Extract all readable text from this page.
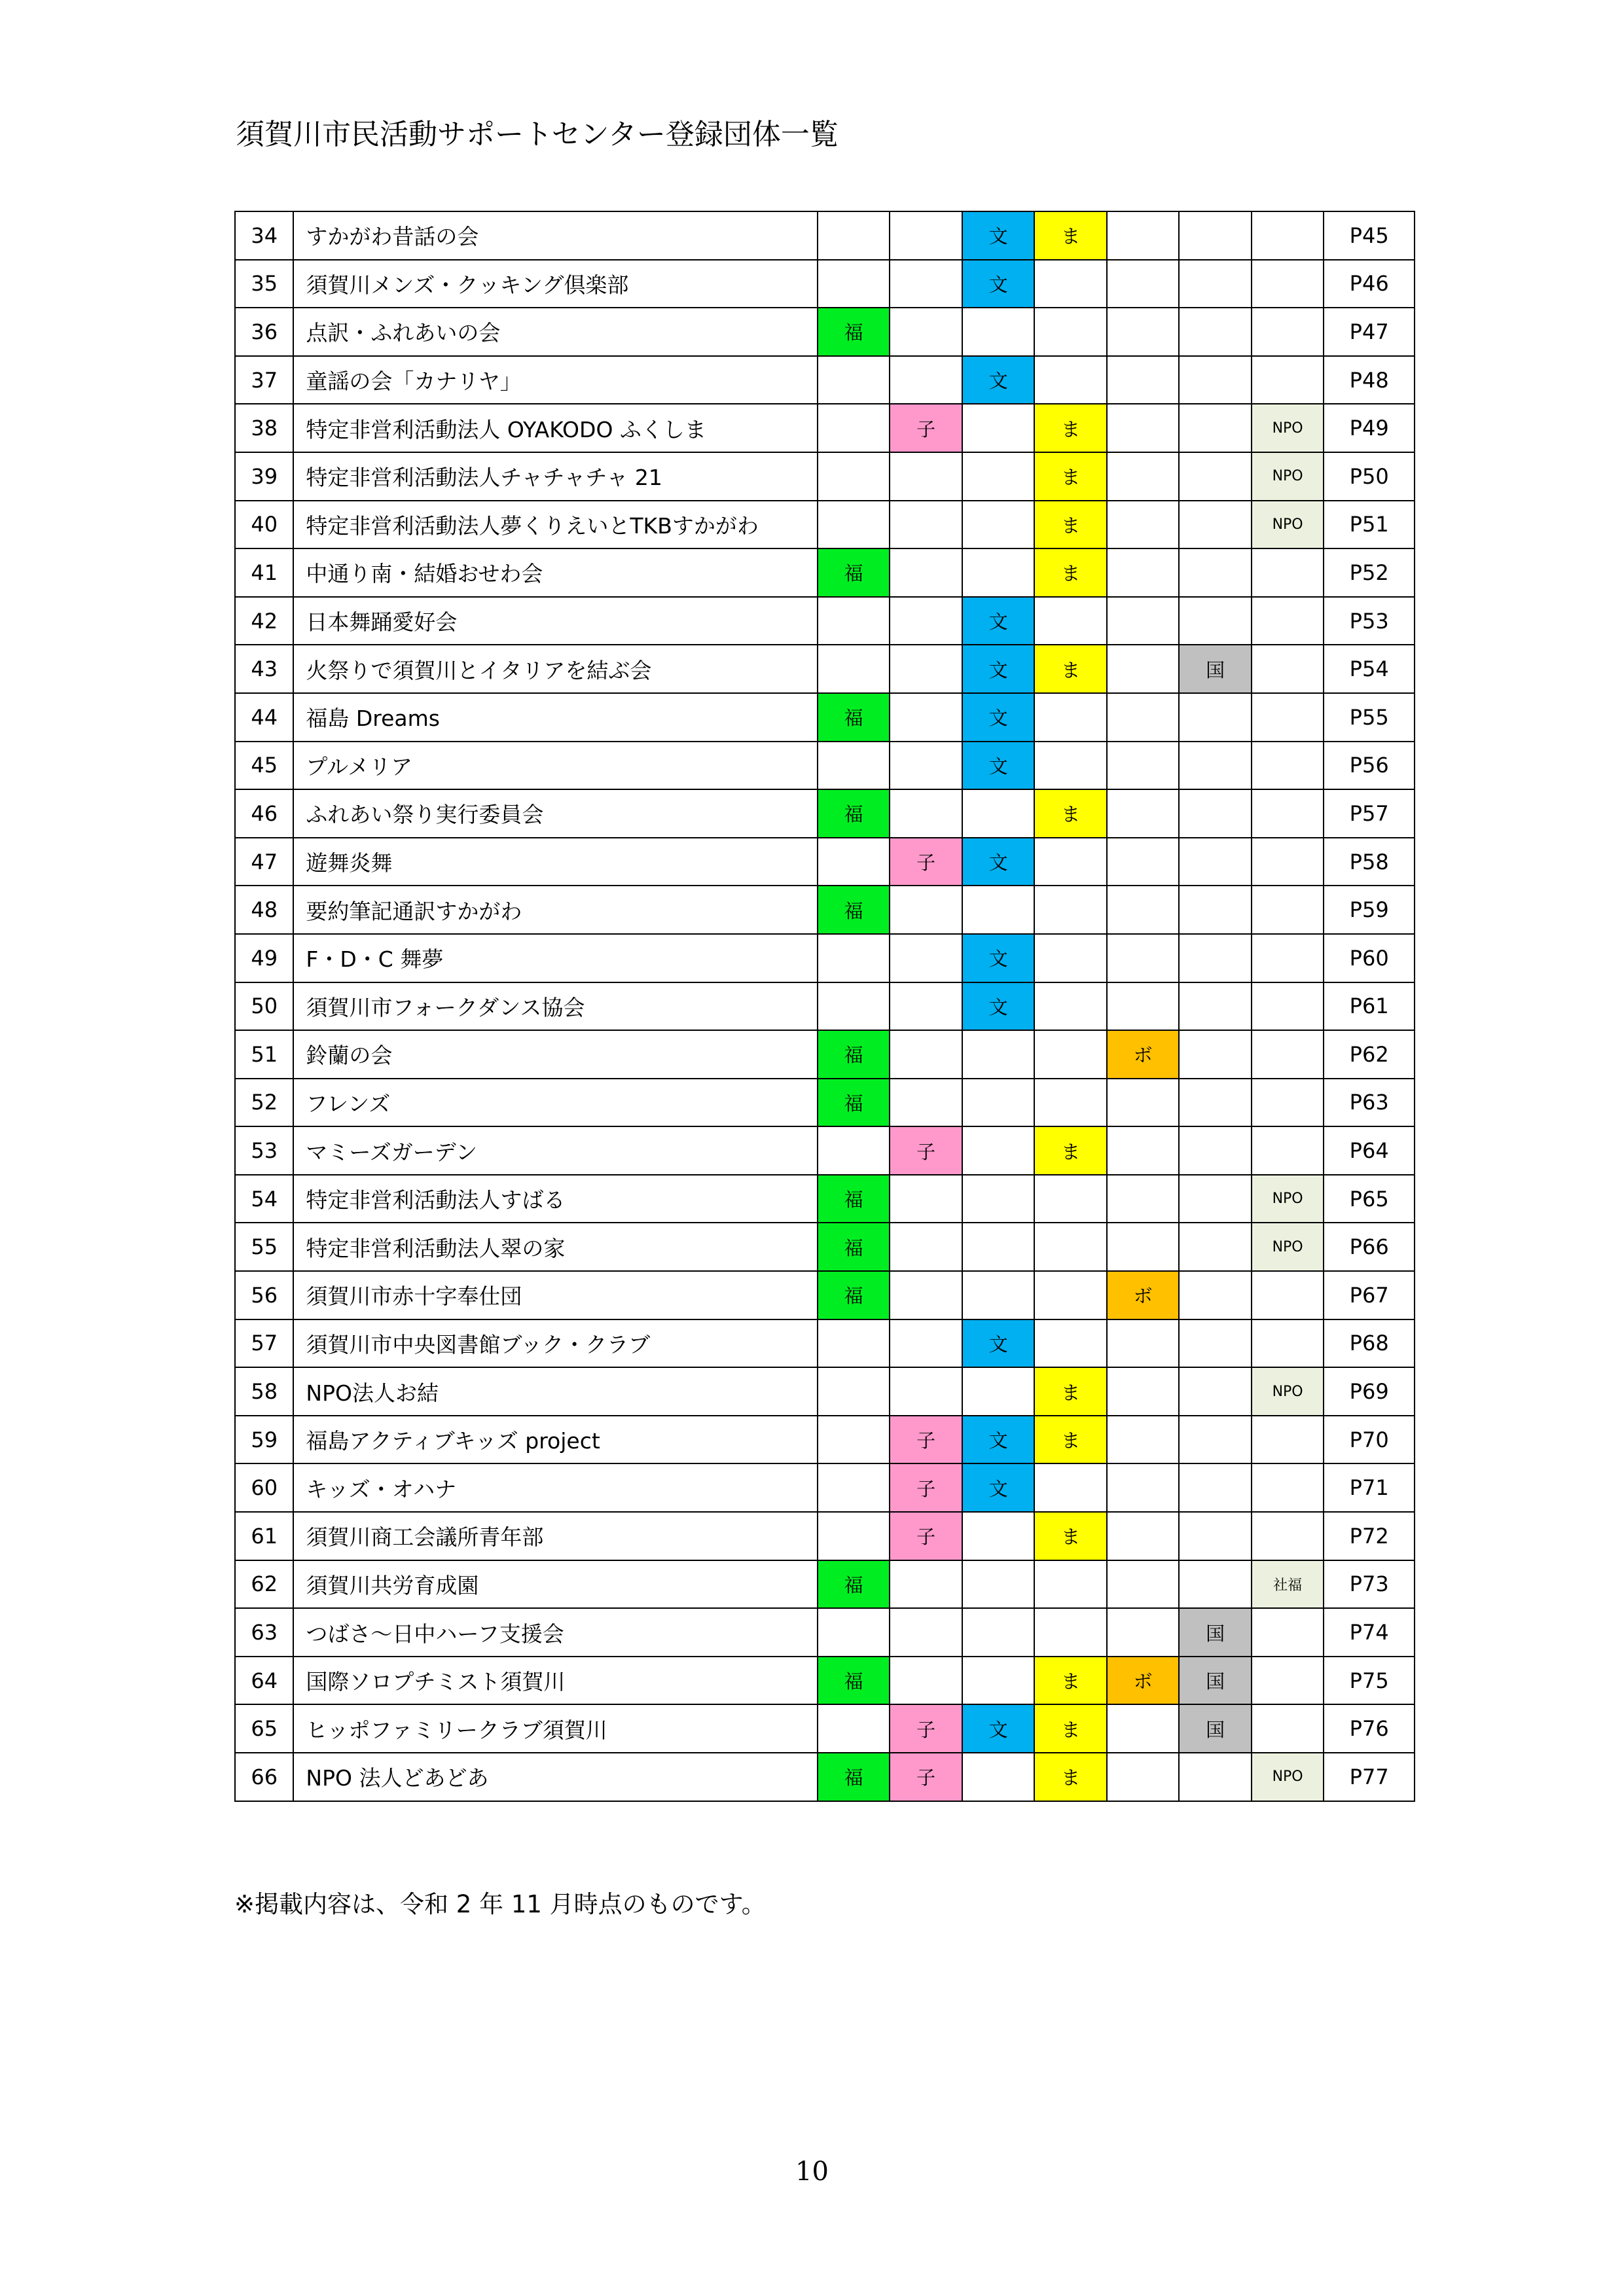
須賀川市民活動サポートセンター登録団体一覧
34	すかがわ昔話の会			文	ま				P45
35	須賀川メンズ・クッキング倶楽部			文					P46
36	点訳・ふれあいの会	福							P47
37	童謡の会「カナリヤ」			文					P48
38	特定非営利活動法人 OYAKODO ふくしま		子		ま			NPO	P49
39	特定非営利活動法人チャチャチャ 21				ま			NPO	P50
40	特定非営利活動法人夢くりえいとTKBすかがわ				ま			NPO	P51
41	中通り南・結婚おせわ会	福			ま				P52
42	日本舞踊愛好会			文					P53
43	火祭りで須賀川とイタリアを結ぶ会			文	ま		国		P54
44	福島 Dreams	福		文					P55
45	プルメリア			文					P56
46	ふれあい祭り実行委員会	福			ま				P57
47	遊舞炎舞		子	文					P58
48	要約筆記通訳すかがわ	福							P59
49	F・D・C 舞夢			文					P60
50	須賀川市フォークダンス協会			文					P61
51	鈴蘭の会	福				ボ			P62
52	フレンズ	福							P63
53	マミーズガーデン		子		ま				P64
54	特定非営利活動法人すばる	福						NPO	P65
55	特定非営利活動法人翠の家	福						NPO	P66
56	須賀川市赤十字奉仕団	福				ボ			P67
57	須賀川市中央図書館ブック・クラブ			文					P68
58	NPO法人お結				ま			NPO	P69
59	福島アクティブキッズ project		子	文	ま				P70
60	キッズ・オハナ		子	文					P71
61	須賀川商工会議所青年部		子		ま				P72
62	須賀川共労育成園	福						社福	P73
63	つばさ～日中ハーフ支援会						国		P74
64	国際ソロプチミスト須賀川	福			ま	ボ	国		P75
65	ヒッポファミリークラブ須賀川		子	文	ま		国		P76
66	NPO 法人どあどあ	福	子		ま			NPO	P77

※掲載内容は、令和 2 年 11 月時点のものです。

10
